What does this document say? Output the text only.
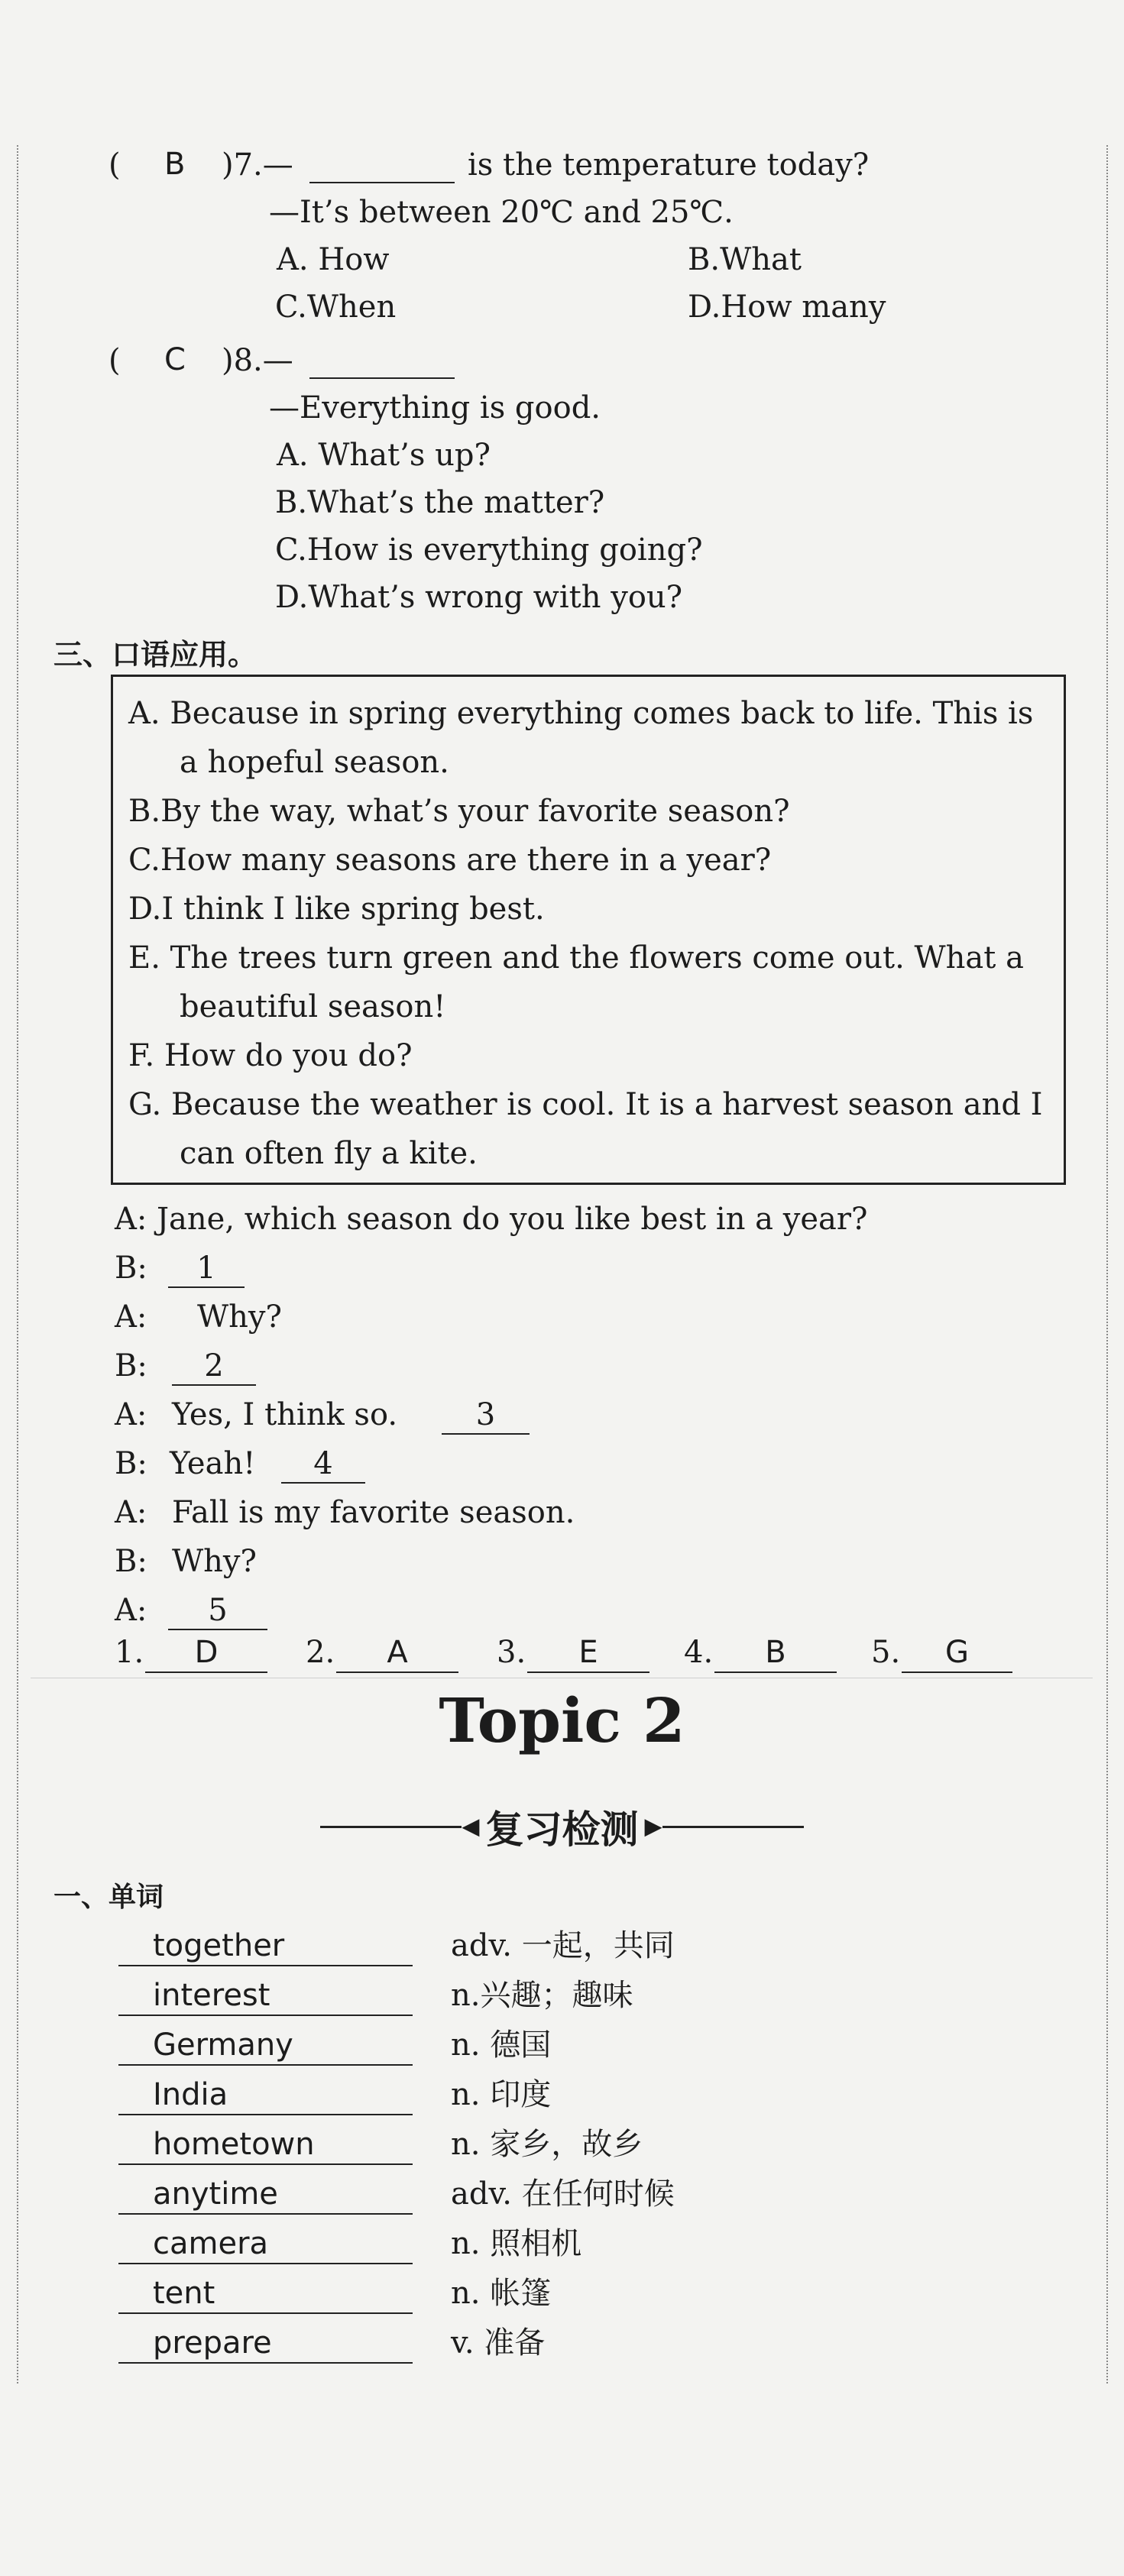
( B )7.—	is the temperature today?
—It’s between 20℃ and 25℃.
A. How	B.What
C.When	D.How many
( C )8.—
—Everything is good.
A. What’s up?
B.What’s the matter?
C.How is everything going?
D.What’s wrong with you?
三、口语应用。
A. Because in spring everything comes back to life. This is
a hopeful season.
B.By the way, what’s your favorite season?
C.How many seasons are there in a year?
D.I think I like spring best.
E. The trees turn green and the flowers come out. What a
beautiful season!
F. How do you do?
G. Because the weather is cool. It is a harvest season and I
can often fly a kite.
A: Jane, which season do you like best in a year?
B:	1
A: Why?
B:	2
A: Yes, I think so.	3
B: Yeah!	4
A: Fall is my favorite season.
B: Why?
A:	5
1.	D	2.	A	3.	E	4.	B	5.	G
Topic 2
◀ 复习检测 ▶
一、单词
together	adv. 一起，共同
interest	n.兴趣；趣味
Germany	n. 德国
India	n. 印度
hometown	n. 家乡，故乡
anytime	adv. 在任何时候
camera	n. 照相机
tent	n. 帐篷
prepare	v. 准备
